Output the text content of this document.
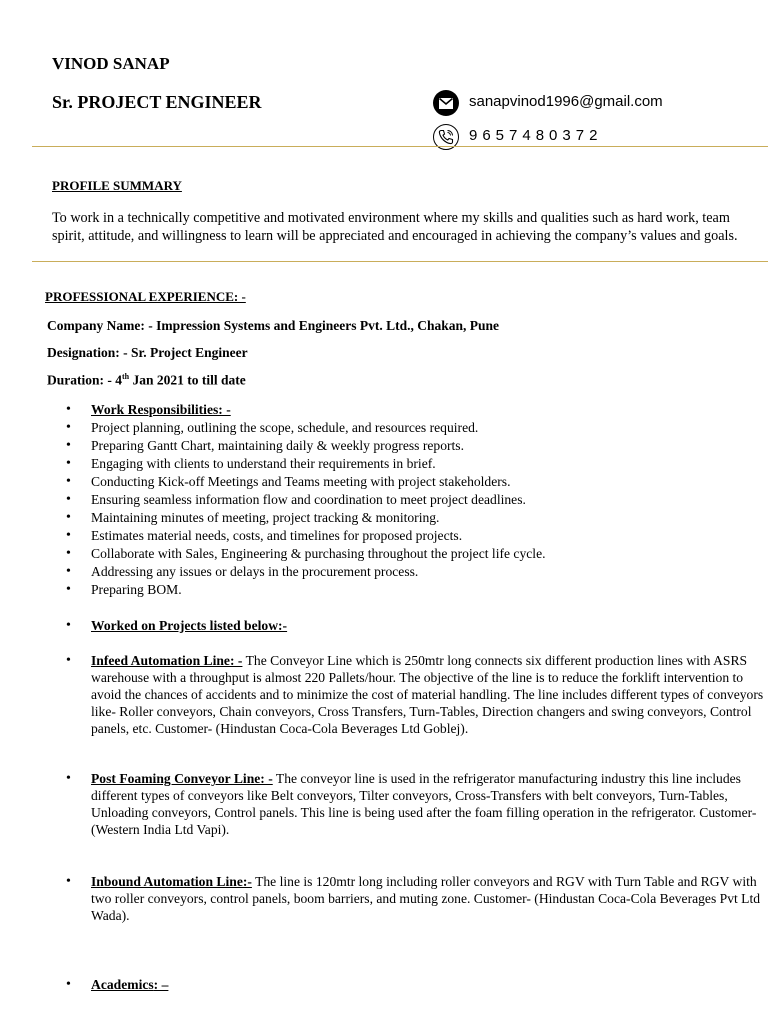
VINOD SANAP
Sr. PROJECT ENGINEER	sanapvinod1996@gmail.com
9657480372
PROFILE SUMMARY
To work in a technically competitive and motivated environment where my skills and qualities such as hard work, team spirit, attitude, and willingness to learn will be appreciated and encouraged in achieving the company’s values and goals.
PROFESSIONAL EXPERIENCE: -
Company Name: - Impression Systems and Engineers Pvt. Ltd., Chakan, Pune
Designation: - Sr. Project Engineer
Duration: - 4th Jan 2021 to till date
• Work Responsibilities: -
• Project planning, outlining the scope, schedule, and resources required.
• Preparing Gantt Chart, maintaining daily & weekly progress reports.
• Engaging with clients to understand their requirements in brief.
• Conducting Kick-off Meetings and Teams meeting with project stakeholders.
• Ensuring seamless information flow and coordination to meet project deadlines.
• Maintaining minutes of meeting, project tracking & monitoring.
• Estimates material needs, costs, and timelines for proposed projects.
• Collaborate with Sales, Engineering & purchasing throughout the project life cycle.
• Addressing any issues or delays in the procurement process.
• Preparing BOM.
• Worked on Projects listed below:-
• Infeed Automation Line: - The Conveyor Line which is 250mtr long connects six different production lines with ASRS warehouse with a throughput is almost 220 Pallets/hour. The objective of the line is to reduce the forklift intervention to avoid the chances of accidents and to minimize the cost of material handling. The line includes different types of conveyors like- Roller conveyors, Chain conveyors, Cross Transfers, Turn-Tables, Direction changers and swing conveyors, Control panels, etc. Customer- (Hindustan Coca-Cola Beverages Ltd Goblej).
• Post Foaming Conveyor Line: - The conveyor line is used in the refrigerator manufacturing industry this line includes different types of conveyors like Belt conveyors, Tilter conveyors, Cross-Transfers with belt conveyors, Turn-Tables, Unloading conveyors, Control panels. This line is being used after the foam filling operation in the refrigerator. Customer- (Western India Ltd Vapi).
• Inbound Automation Line:- The line is 120mtr long including roller conveyors and RGV with Turn Table and RGV with two roller conveyors, control panels, boom barriers, and muting zone. Customer- (Hindustan Coca-Cola Beverages Pvt Ltd Wada).
• Academics: –
